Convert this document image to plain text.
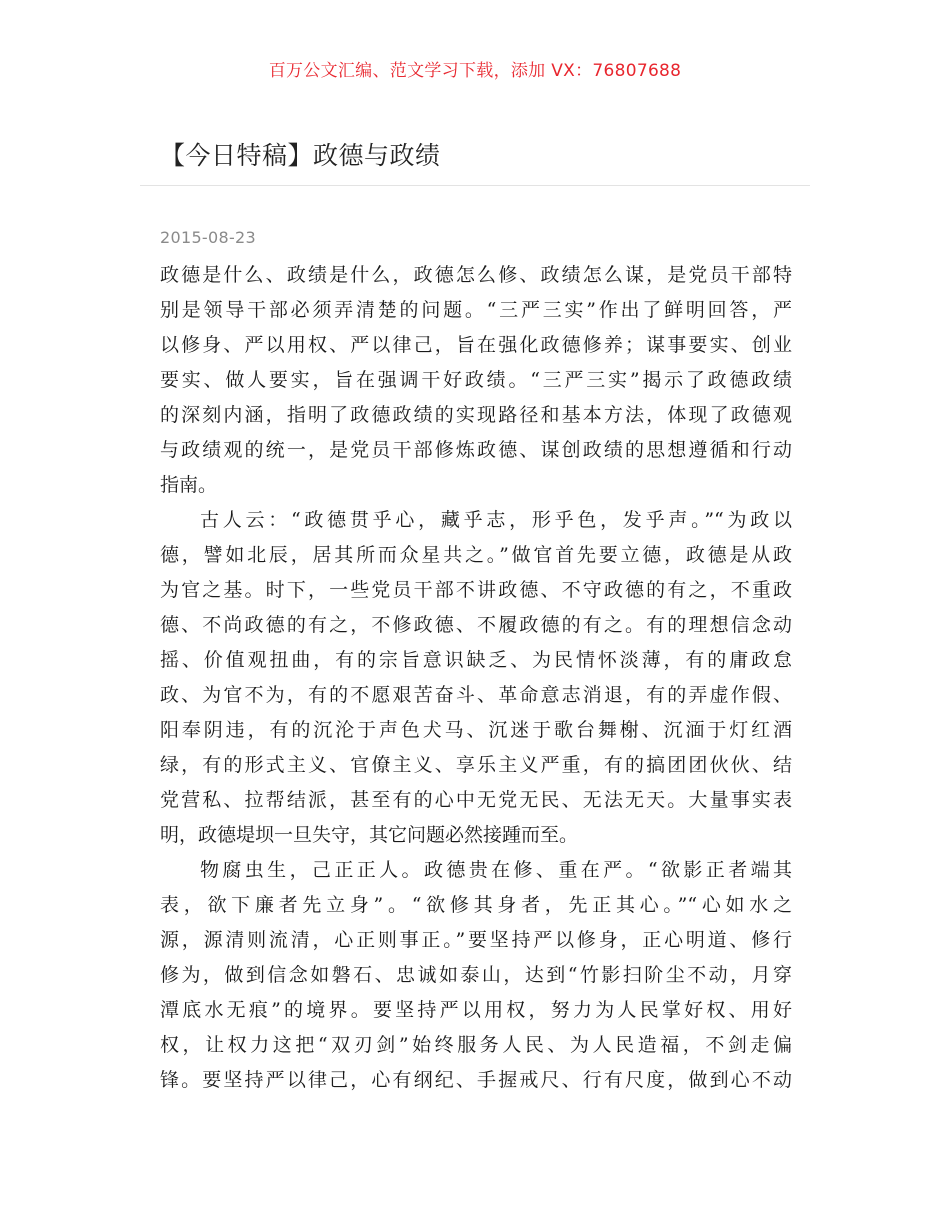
百万公文汇编、范文学习下载，添加 VX：76807688
【今日特稿】政德与政绩
2015-08-23
政德是什么、政绩是什么，政德怎么修、政绩怎么谋，是党员干部特
别是领导干部必须弄清楚的问题。“三严三实”作出了鲜明回答，严
以修身、严以用权、严以律己，旨在强化政德修养；谋事要实、创业
要实、做人要实，旨在强调干好政绩。“三严三实”揭示了政德政绩
的深刻内涵，指明了政德政绩的实现路径和基本方法，体现了政德观
与政绩观的统一，是党员干部修炼政德、谋创政绩的思想遵循和行动
指南。
古人云：“政德贯乎心，藏乎志，形乎色，发乎声。”“为政以
德，譬如北辰，居其所而众星共之。”做官首先要立德，政德是从政
为官之基。时下，一些党员干部不讲政德、不守政德的有之，不重政
德、不尚政德的有之，不修政德、不履政德的有之。有的理想信念动
摇、价值观扭曲，有的宗旨意识缺乏、为民情怀淡薄，有的庸政怠
政、为官不为，有的不愿艰苦奋斗、革命意志消退，有的弄虚作假、
阳奉阴违，有的沉沦于声色犬马、沉迷于歌台舞榭、沉湎于灯红酒
绿，有的形式主义、官僚主义、享乐主义严重，有的搞团团伙伙、结
党营私、拉帮结派，甚至有的心中无党无民、无法无天。大量事实表
明，政德堤坝一旦失守，其它问题必然接踵而至。
物腐虫生，己正正人。政德贵在修、重在严。“欲影正者端其
表，欲下廉者先立身”。“欲修其身者，先正其心。”“心如水之
源，源清则流清，心正则事正。”要坚持严以修身，正心明道、修行
修为，做到信念如磐石、忠诚如泰山，达到“竹影扫阶尘不动，月穿
潭底水无痕”的境界。要坚持严以用权，努力为人民掌好权、用好
权，让权力这把“双刃剑”始终服务人民、为人民造福，不剑走偏
锋。要坚持严以律己，心有纲纪、手握戒尺、行有尺度，做到心不动
